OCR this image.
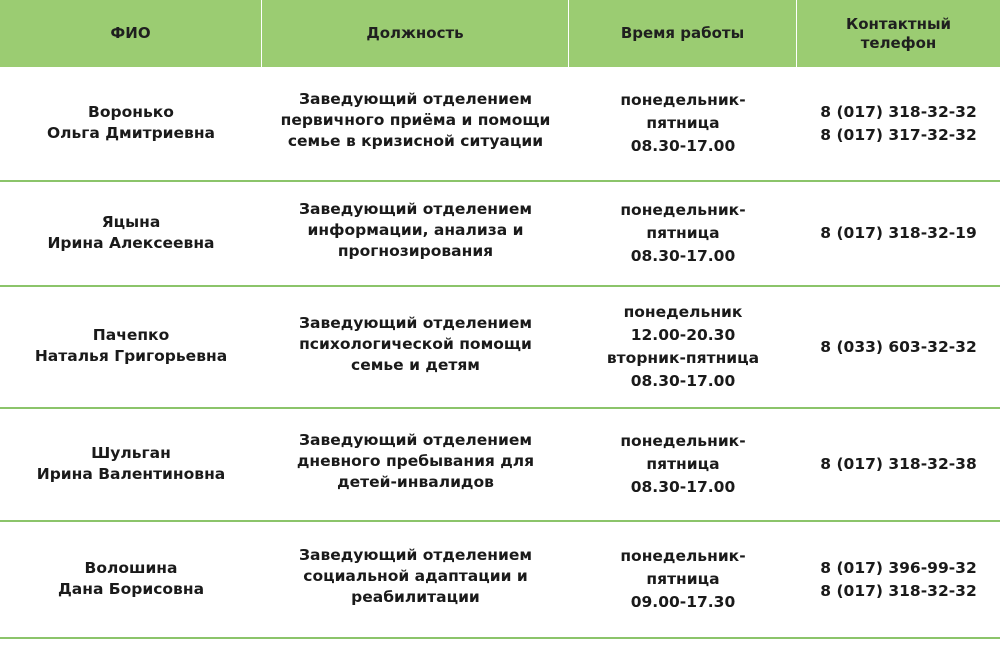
ФИО	Должность	Время работы
Контактный
телефон
Воронько
Ольга Дмитриевна
Заведующий отделением
первичного приёма и помощи
семье в кризисной ситуации
понедельник-
пятница
08.30-17.00
8 (017) 318-32-32
8 (017) 317-32-32
Яцына
Ирина Алексеевна
Заведующий отделением
информации, анализа и
прогнозирования
понедельник-
пятница
08.30-17.00
8 (017) 318-32-19
Пачепко
Наталья Григорьевна
Заведующий отделением
психологической помощи
семье и детям
понедельник
12.00-20.30
вторник-пятница
08.30-17.00
8 (033) 603-32-32
Шульган
Ирина Валентиновна
Заведующий отделением
дневного пребывания для
детей-инвалидов
понедельник-
пятница
08.30-17.00
8 (017) 318-32-38
Волошина
Дана Борисовна
Заведующий отделением
социальной адаптации и
реабилитации
понедельник-
пятница
09.00-17.30
8 (017) 396-99-32
8 (017) 318-32-32
